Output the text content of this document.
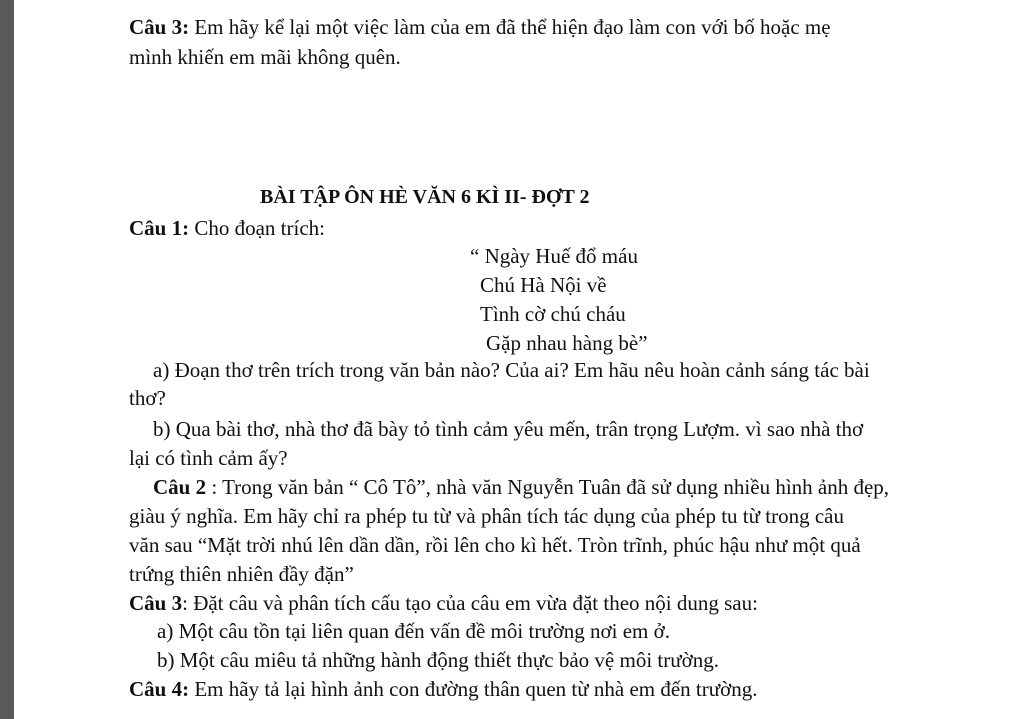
Câu 3: Em hãy kể lại một việc làm của em đã thể hiện đạo làm con với bố hoặc mẹ
mình khiến em mãi không quên.
BÀI TẬP ÔN HÈ VĂN 6 KÌ II- ĐỢT 2
Câu 1: Cho đoạn trích:
“ Ngày Huế đổ máu
Chú Hà Nội về
Tình cờ chú cháu
Gặp nhau hàng bè”
a) Đoạn thơ trên trích trong văn bản nào? Của ai? Em hãu nêu hoàn cảnh sáng tác bài
thơ?
b) Qua bài thơ, nhà thơ đã bày tỏ tình cảm yêu mến, trân trọng Lượm. vì sao nhà thơ
lại có tình cảm ấy?
Câu 2 : Trong văn bản “ Cô Tô”, nhà văn Nguyễn Tuân đã sử dụng nhiều hình ảnh đẹp,
giàu ý nghĩa. Em hãy chỉ ra phép tu từ và phân tích tác dụng của phép tu từ trong câu
văn sau “Mặt trời nhú lên dần dần, rồi lên cho kì hết. Tròn trĩnh, phúc hậu như một quả
trứng thiên nhiên đầy đặn”
Câu 3: Đặt câu và phân tích cấu tạo của câu em vừa đặt theo nội dung sau:
a) Một câu tồn tại liên quan đến vấn đề môi trường nơi em ở.
b) Một câu miêu tả những hành động thiết thực bảo vệ môi trường.
Câu 4: Em hãy tả lại hình ảnh con đường thân quen từ nhà em đến trường.
